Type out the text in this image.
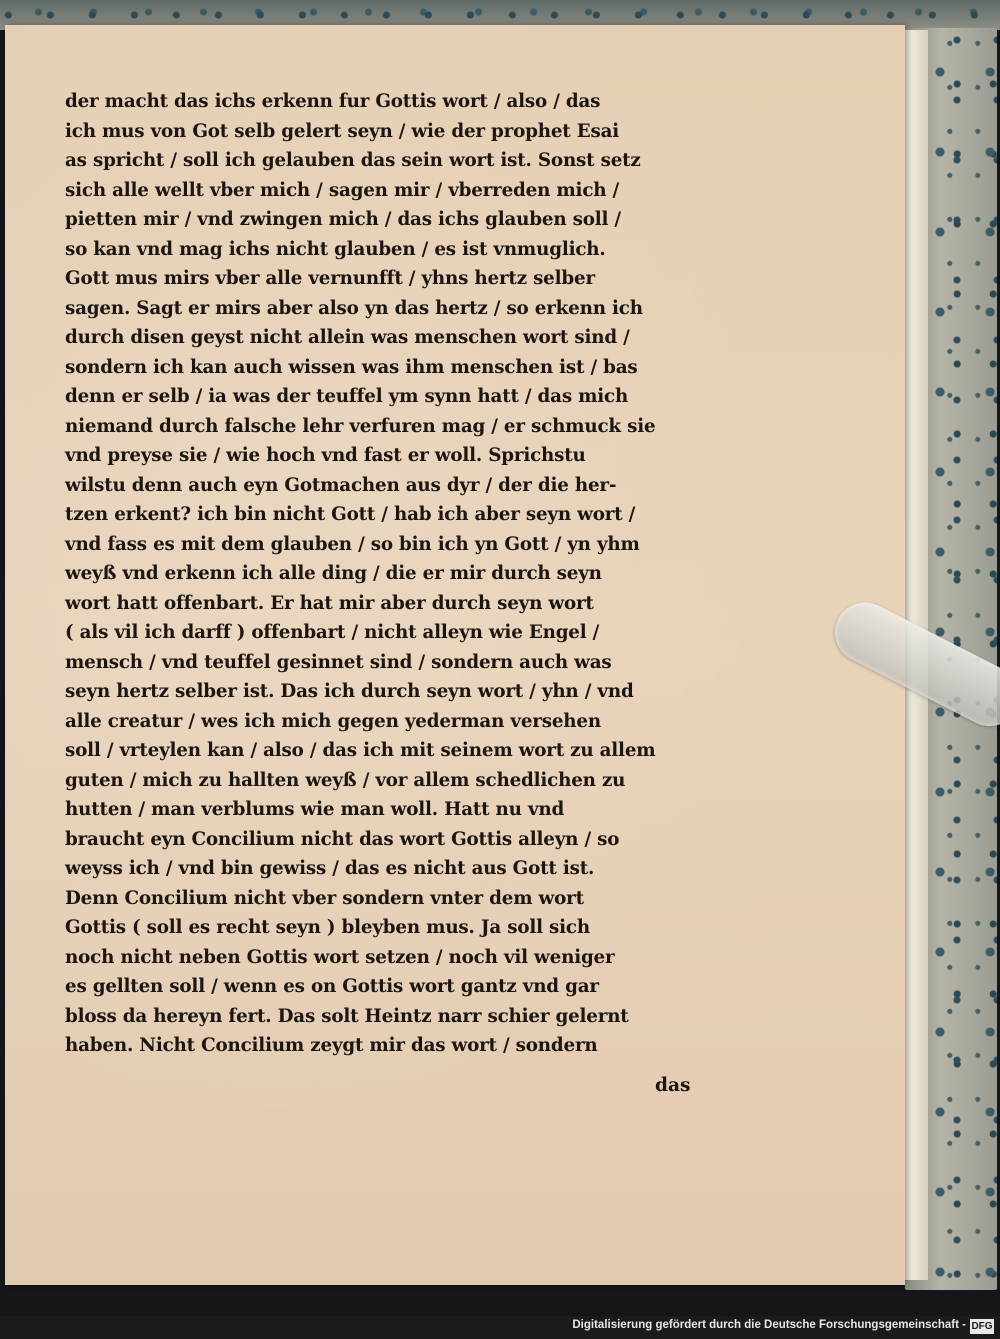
der macht das ichs erkenn fur Gottis wort / also / das
ich mus von Got selb gelert seyn / wie der prophet Esai
as spricht / soll ich gelauben das sein wort ist. Sonst setz
sich alle wellt vber mich / sagen mir / vberreden mich /
pietten mir / vnd zwingen mich / das ichs glauben soll /
so kan vnd mag ichs nicht glauben / es ist vnmuglich.
Gott mus mirs vber alle vernunfft / yhns hertz selber
sagen. Sagt er mirs aber also yn das hertz / so erkenn ich
durch disen geyst nicht allein was menschen wort sind /
sondern ich kan auch wissen was ihm menschen ist / bas
denn er selb / ia was der teuffel ym synn hatt / das mich
niemand durch falsche lehr verfuren mag / er schmuck sie
vnd preyse sie / wie hoch vnd fast er woll. Sprichstu
wilstu denn auch eyn Gotmachen aus dyr / der die her-
tzen erkent? ich bin nicht Gott / hab ich aber seyn wort /
vnd fass es mit dem glauben / so bin ich yn Gott / yn yhm
weyß vnd erkenn ich alle ding / die er mir durch seyn
wort hatt offenbart. Er hat mir aber durch seyn wort
( als vil ich darff ) offenbart / nicht alleyn wie Engel /
mensch / vnd teuffel gesinnet sind / sondern auch was
seyn hertz selber ist. Das ich durch seyn wort / yhn / vnd
alle creatur / wes ich mich gegen yederman versehen
soll / vrteylen kan / also / das ich mit seinem wort zu allem
guten / mich zu hallten weyß / vor allem schedlichen zu
hutten / man verblums wie man woll. Hatt nu vnd
braucht eyn Concilium nicht das wort Gottis alleyn / so
weyss ich / vnd bin gewiss / das es nicht aus Gott ist.
Denn Concilium nicht vber sondern vnter dem wort
Gottis ( soll es recht seyn ) bleyben mus. Ja soll sich
noch nicht neben Gottis wort setzen / noch vil weniger
es gellten soll / wenn es on Gottis wort gantz vnd gar
bloss da hereyn fert. Das solt Heintz narr schier gelernt
haben. Nicht Concilium zeygt mir das wort / sondern
das
Digitalisierung gefördert durch die Deutsche Forschungsgemeinschaft - DFG
